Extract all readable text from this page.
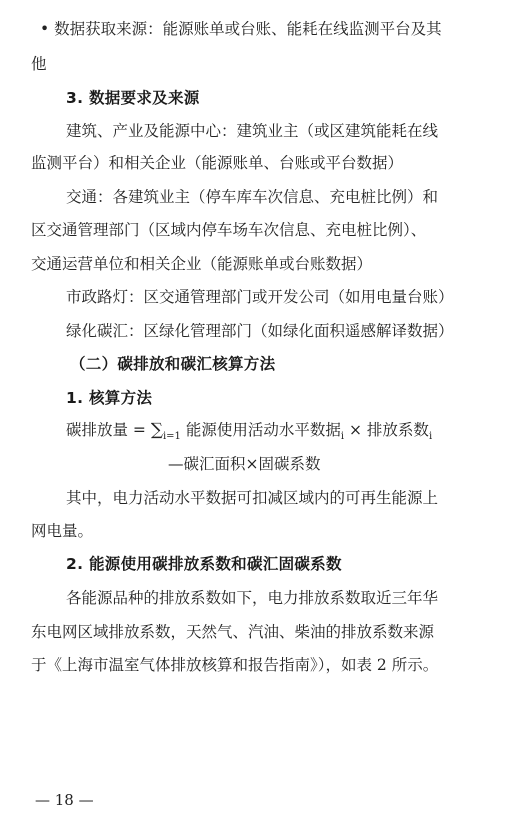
• 数据获取来源：能源账单或台账、能耗在线监测平台及其
他
3. 数据要求及来源
建筑、产业及能源中心：建筑业主（或区建筑能耗在线
监测平台）和相关企业（能源账单、台账或平台数据）
交通：各建筑业主（停车库车次信息、充电桩比例）和
区交通管理部门（区域内停车场车次信息、充电桩比例）、
交通运营单位和相关企业（能源账单或台账数据）
市政路灯：区交通管理部门或开发公司（如用电量台账）
绿化碳汇：区绿化管理部门（如绿化面积遥感解译数据）
（二）碳排放和碳汇核算方法
1. 核算方法
碳排放量 = $\sum_{i=1}$ 能源使用活动水平数据$_i$ × 排放系数$_i$
—碳汇面积×固碳系数
其中，电力活动水平数据可扣减区域内的可再生能源上
网电量。
2. 能源使用碳排放系数和碳汇固碳系数
各能源品种的排放系数如下，电力排放系数取近三年华
东电网区域排放系数，天然气、汽油、柴油的排放系数来源
于《上海市温室气体排放核算和报告指南》），如表 2 所示。
— 18 —
